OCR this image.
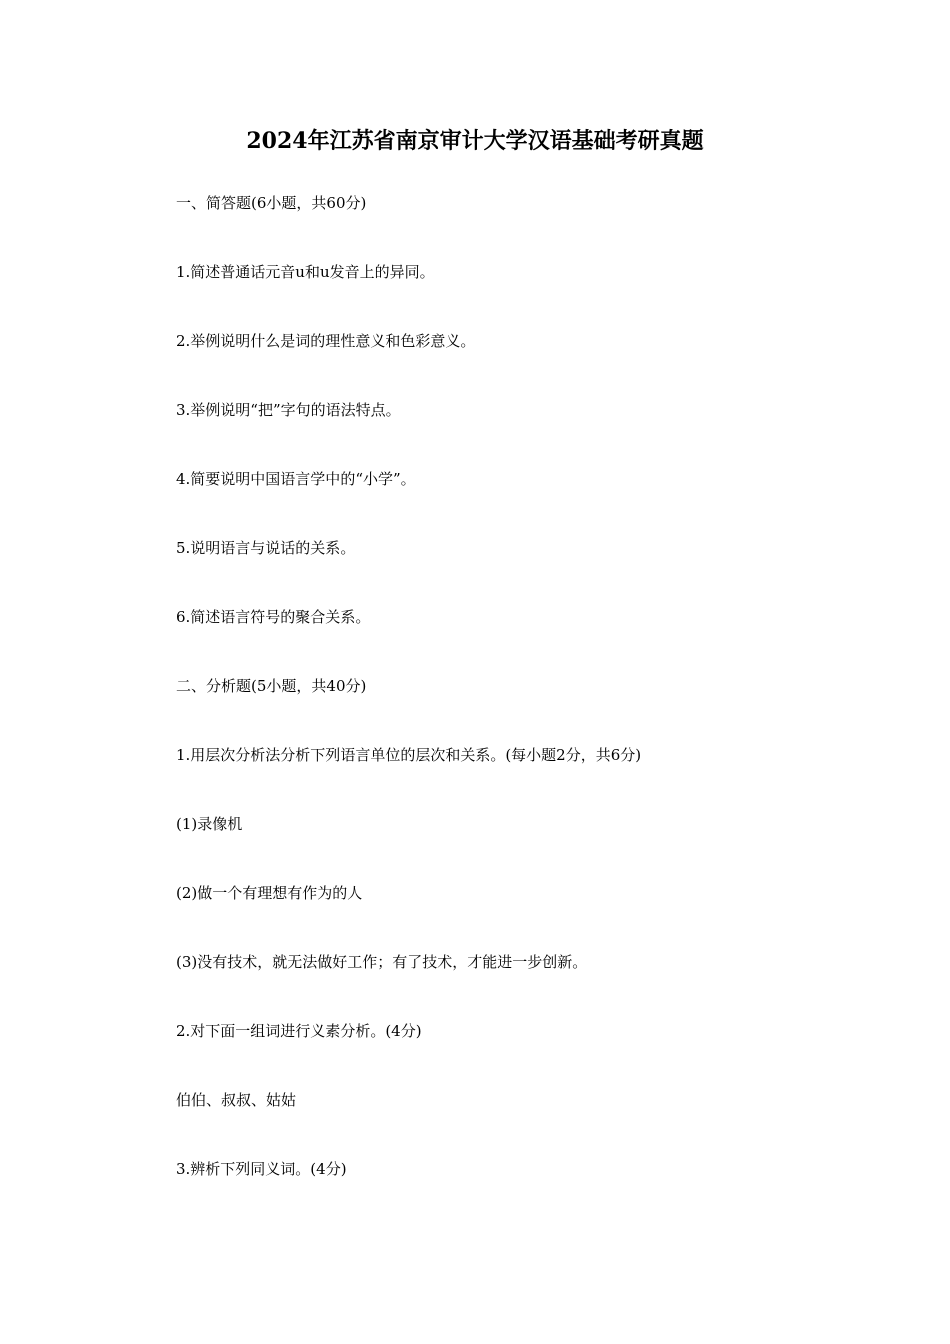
2024年江苏省南京审计大学汉语基础考研真题
一、简答题(6小题，共60分)
1.简述普通话元音u和u发音上的异同。
2.举例说明什么是词的理性意义和色彩意义。
3.举例说明“把”字句的语法特点。
4.简要说明中国语言学中的“小学”。
5.说明语言与说话的关系。
6.简述语言符号的聚合关系。
二、分析题(5小题，共40分)
1.用层次分析法分析下列语言单位的层次和关系。(每小题2分，共6分)
(1)录像机
(2)做一个有理想有作为的人
(3)没有技术，就无法做好工作；有了技术，才能进一步创新。
2.对下面一组词进行义素分析。(4分)
伯伯、叔叔、姑姑
3.辨析下列同义词。(4分)
